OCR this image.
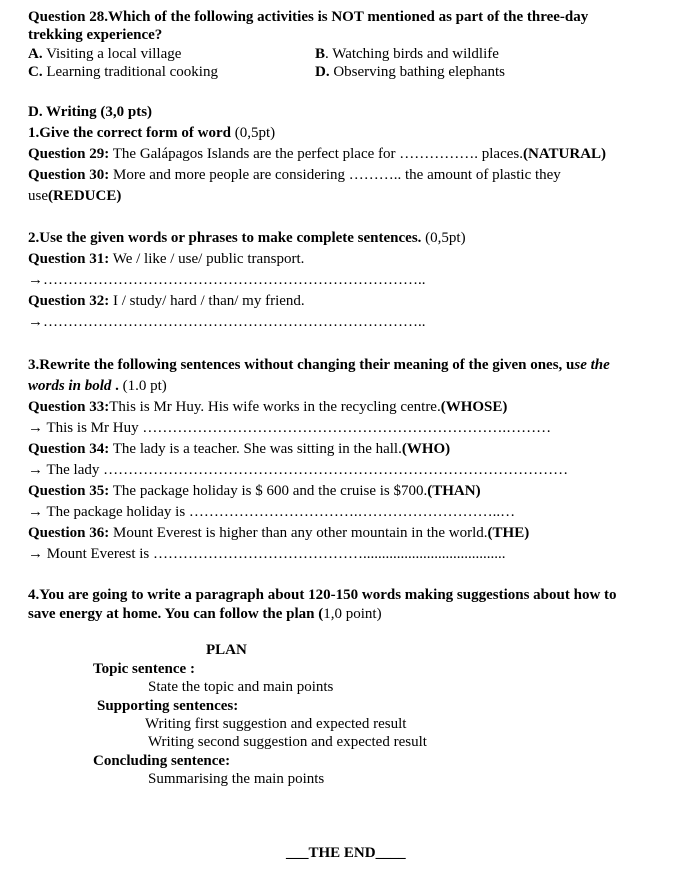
Question 28.Which of the following activities is NOT mentioned as part of the three-day
trekking experience?
A. Visiting a local village	B. Watching birds and wildlife
C. Learning traditional cooking	D. Observing bathing elephants
D. Writing (3,0 pts)
1.Give the correct form of word (0,5pt)
Question 29: The Galápagos Islands are the perfect place for ……………. places.(NATURAL)
Question 30: More and more people are considering ……….. the amount of plastic they
use(REDUCE)
2.Use the given words or phrases to make complete sentences. (0,5pt)
Question 31: We / like / use/ public transport.
→…………………………………………………………………..
Question 32: I / study/ hard / than/ my friend.
→…………………………………………………………………..
3.Rewrite the following sentences without changing their meaning of the given ones, use the
words in bold . (1.0 pt)
Question 33:This is Mr Huy. His wife works in the recycling centre.(WHOSE)
→ This is Mr Huy ……………………………………………………………….………
Question 34: The lady is a teacher. She was sitting in the hall.(WHO)
→ The lady …………………………………………………………………………………
Question 35: The package holiday is $ 600 and the cruise is $700.(THAN)
→ The package holiday is …………………………….………………………..…
Question 36: Mount Everest is higher than any other mountain in the world.(THE)
→ Mount Everest is ……………………………………......................................
4.You are going to write a paragraph about 120-150 words making suggestions about how to
save energy at home. You can follow the plan (1,0 point)
PLAN
Topic sentence :
State the topic and main points
Supporting sentences:
Writing first suggestion and expected result
Writing second suggestion and expected result
Concluding sentence:
Summarising the main points
___THE END____
